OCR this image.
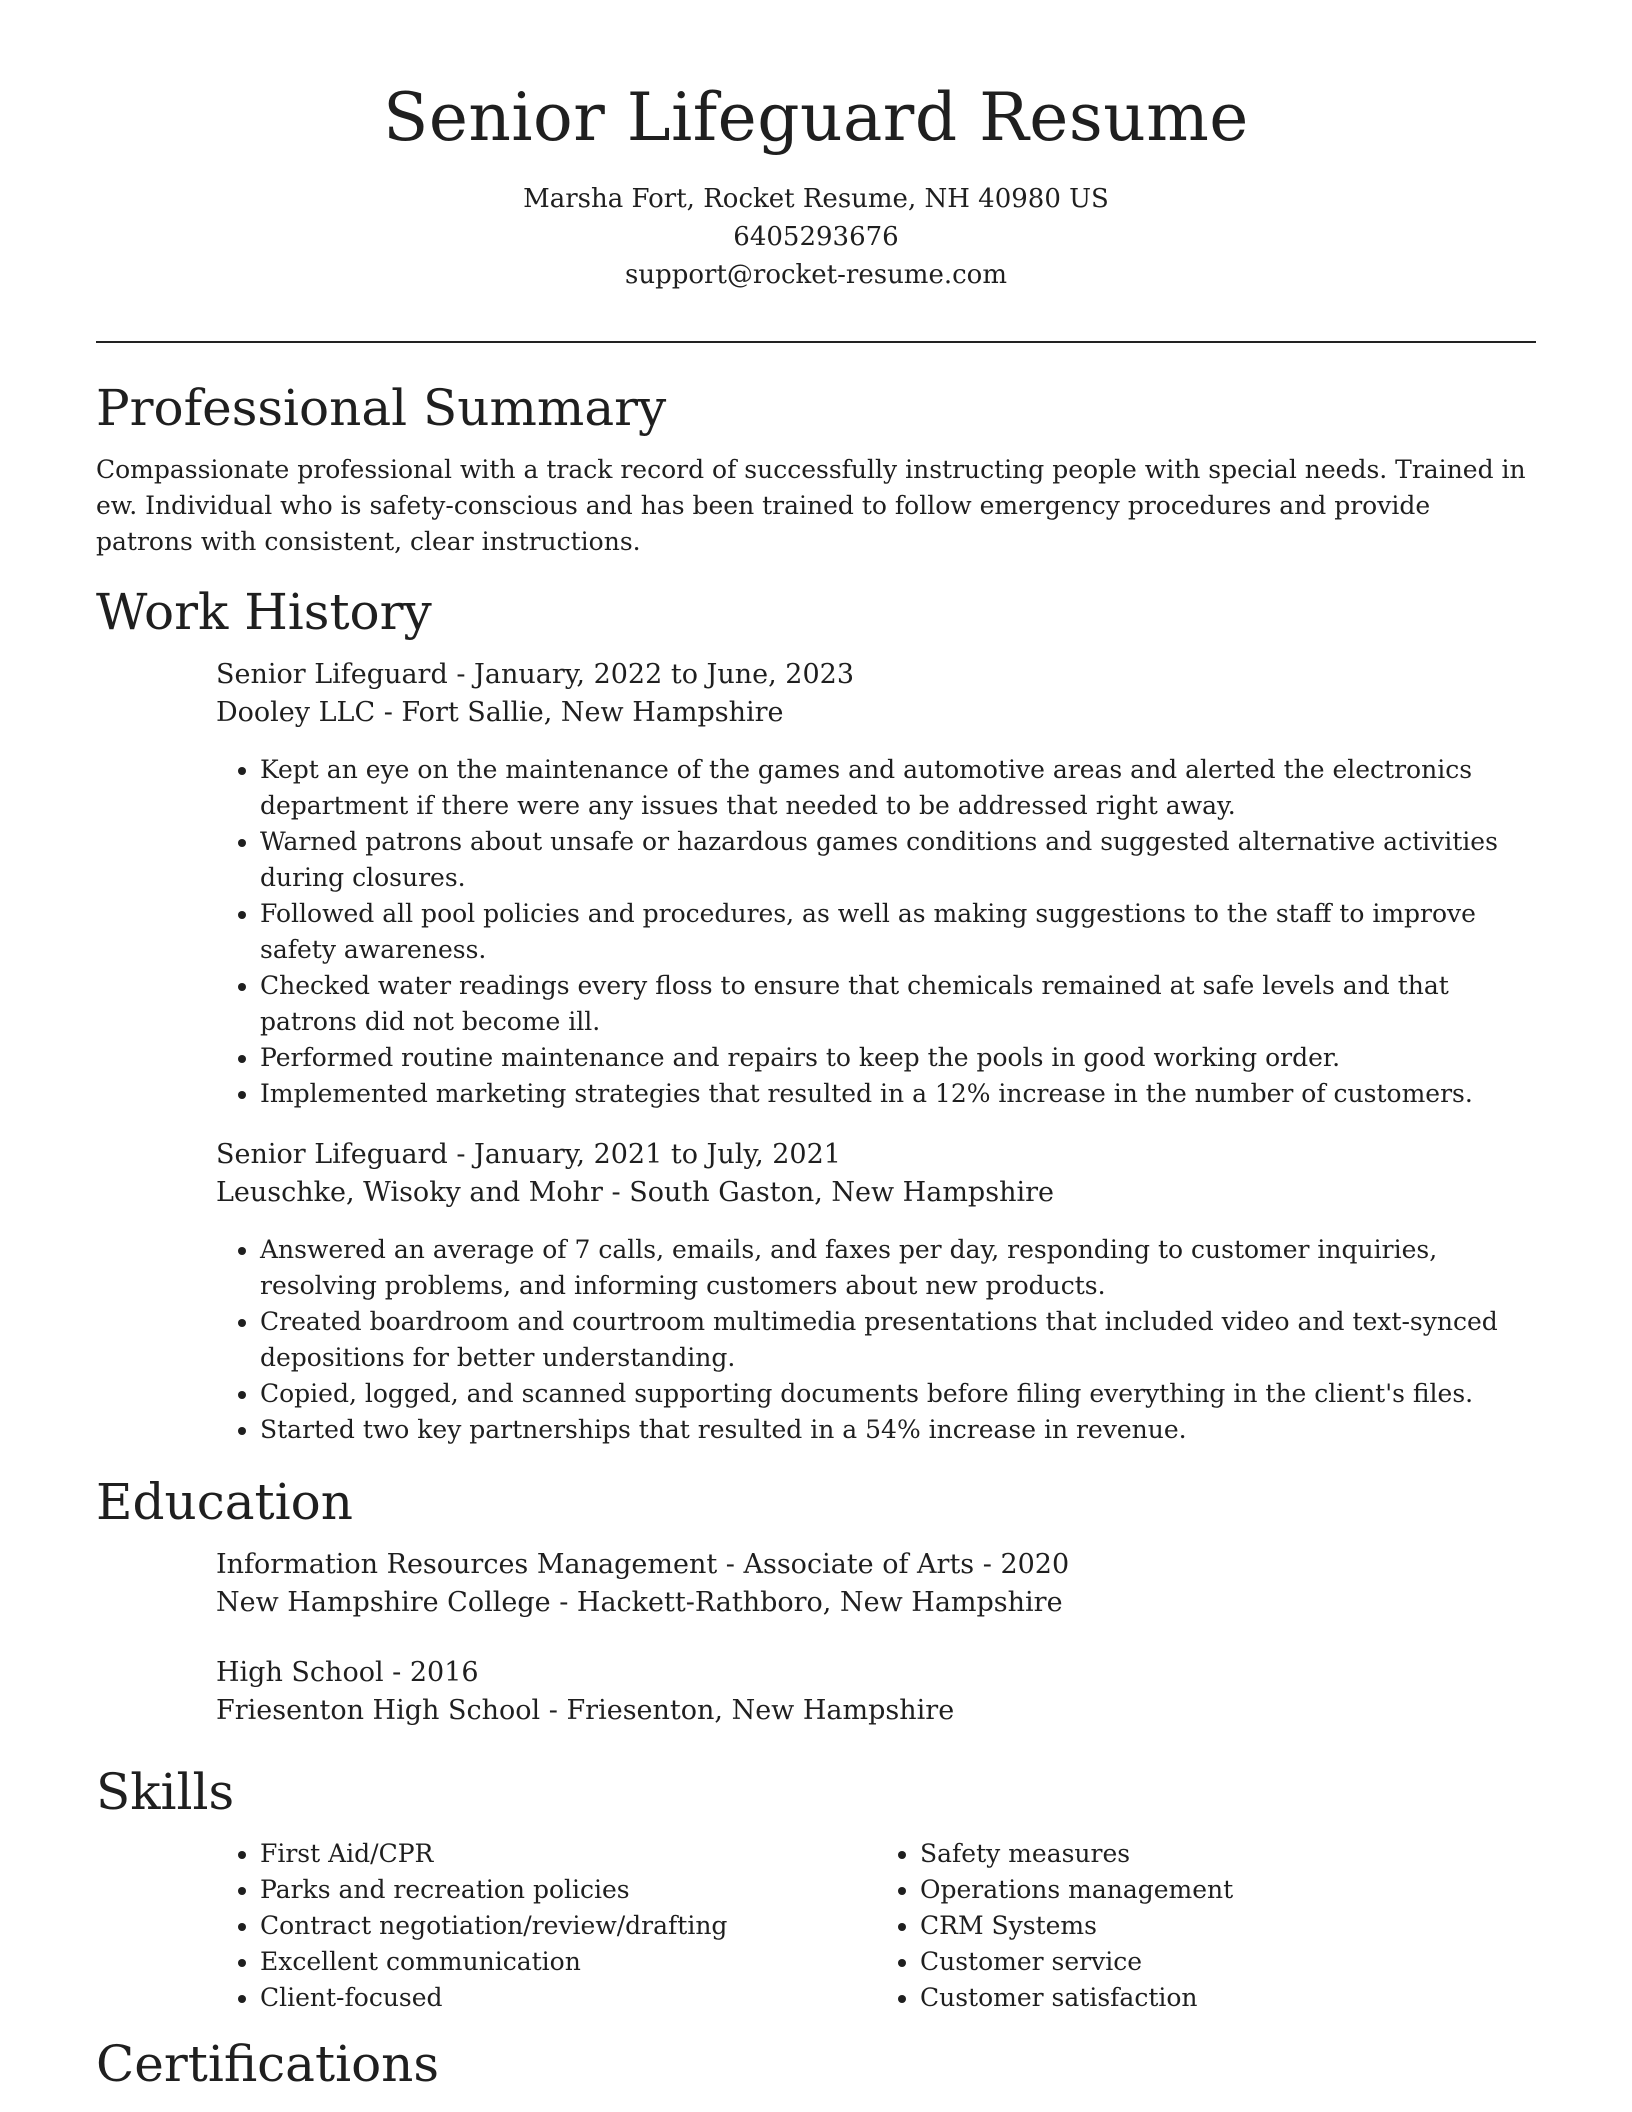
Senior Lifeguard Resume
Marsha Fort, Rocket Resume, NH 40980 US
6405293676
support@rocket-resume.com
Professional Summary

Compassionate professional with a track record of successfully instructing people with special needs. Trained in ew. Individual who is safety-conscious and has been trained to follow emergency procedures and provide patrons with consistent, clear instructions.

Work History
Senior Lifeguard - January, 2022 to June, 2023
Dooley LLC - Fort Sallie, New Hampshire
• Kept an eye on the maintenance of the games and automotive areas and alerted the electronics department if there were any issues that needed to be addressed right away.
• Warned patrons about unsafe or hazardous games conditions and suggested alternative activities during closures.
• Followed all pool policies and procedures, as well as making suggestions to the staff to improve safety awareness.
• Checked water readings every floss to ensure that chemicals remained at safe levels and that patrons did not become ill.
• Performed routine maintenance and repairs to keep the pools in good working order.
• Implemented marketing strategies that resulted in a 12% increase in the number of customers.
Senior Lifeguard - January, 2021 to July, 2021
Leuschke, Wisoky and Mohr - South Gaston, New Hampshire
• Answered an average of 7 calls, emails, and faxes per day, responding to customer inquiries, resolving problems, and informing customers about new products.
• Created boardroom and courtroom multimedia presentations that included video and text-synced depositions for better understanding.
• Copied, logged, and scanned supporting documents before filing everything in the client's files.
• Started two key partnerships that resulted in a 54% increase in revenue.
Education
Information Resources Management - Associate of Arts - 2020
New Hampshire College - Hackett-Rathboro, New Hampshire
High School - 2016
Friesenton High School - Friesenton, New Hampshire
Skills
• First Aid/CPR
• Parks and recreation policies
• Contract negotiation/review/drafting
• Excellent communication
• Client-focused
• Safety measures
• Operations management
• CRM Systems
• Customer service
• Customer satisfaction
Certifications
